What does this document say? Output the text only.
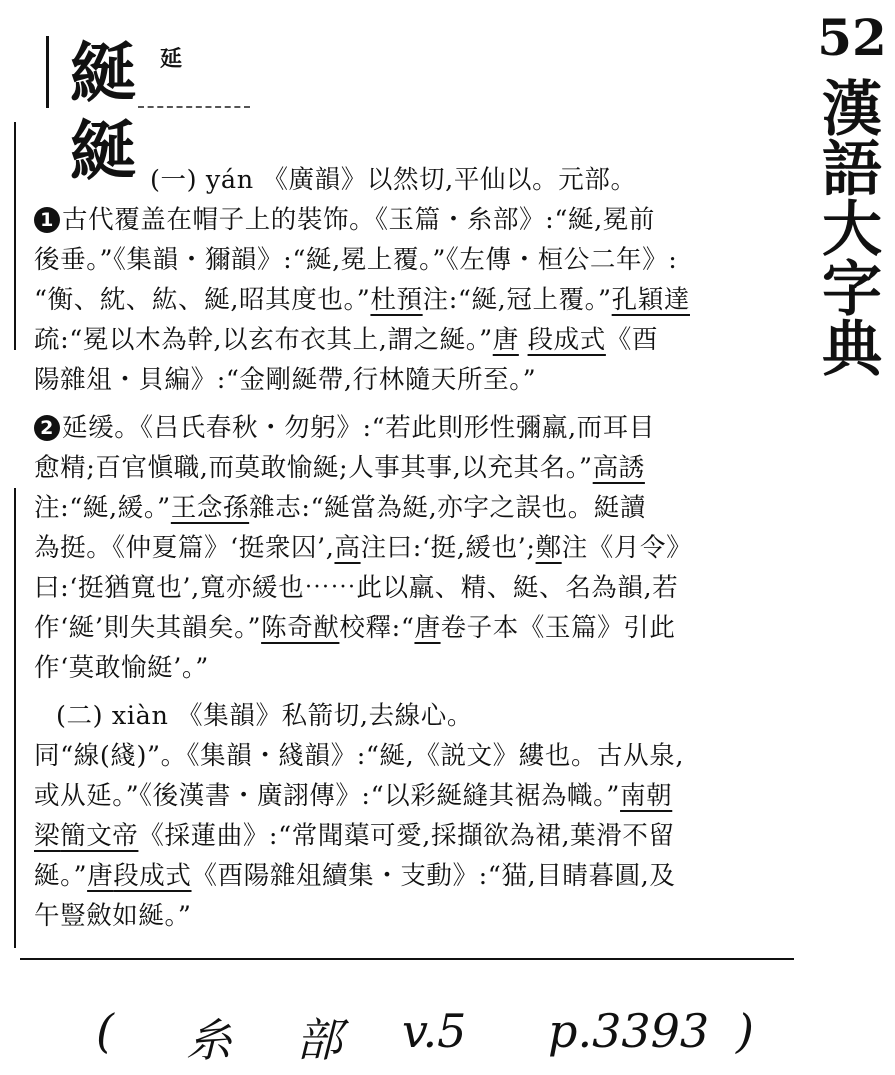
綖 延
綖 (一) yán 《廣韻》以然切,平仙以。元部。
1 古代覆盖在帽子上的裝饰。《玉篇・糸部》:“綖,冕前
後垂。”《集韻・獮韻》:“綖,冕上覆。”《左傳・桓公二年》:
“衡、紞、紘、綖,昭其度也。”杜預注:“綖,冠上覆。”孔穎達
疏:“冕以木為幹,以玄布衣其上,謂之綖。”唐 段成式《酉
陽雜俎・貝編》:“金剛綖帶,行林隨天所至。”
2 延缓。《吕氏春秋・勿躬》:“若此則形性彌羸,而耳目
愈精;百官愼職,而莫敢愉綖;人事其事,以充其名。”高誘
注:“綖,緩。”王念孫雜志:“綖當為綎,亦字之誤也。綎讀
為挺。《仲夏篇》‘挺衆囚’,高注曰:‘挺,緩也’;鄭注《月令》
曰:‘挺猶寬也’,寬亦緩也⋯⋯此以羸、精、綎、名為韻,若
作‘綖’則失其韻矣。”陈奇猷校釋:“唐卷子本《玉篇》引此
作‘莫敢愉綎’。”
(二) xiàn 《集韻》私箭切,去線心。
同“線(綫)”。《集韻・綫韻》:“綖,《説文》縷也。古从泉,
或从延。”《後漢書・廣詡傳》:“以彩綖縫其裾為幟。”南朝
梁簡文帝《採蓮曲》:“常聞蕖可愛,採擷欲為裙,葉滑不留
綖。”唐段成式《酉陽雜俎續集・支動》:“猫,目睛暮圓,及
午豎斂如綖。”
52
漢
語
大
字
典
( 糸 部 v.5 p.3393 )
